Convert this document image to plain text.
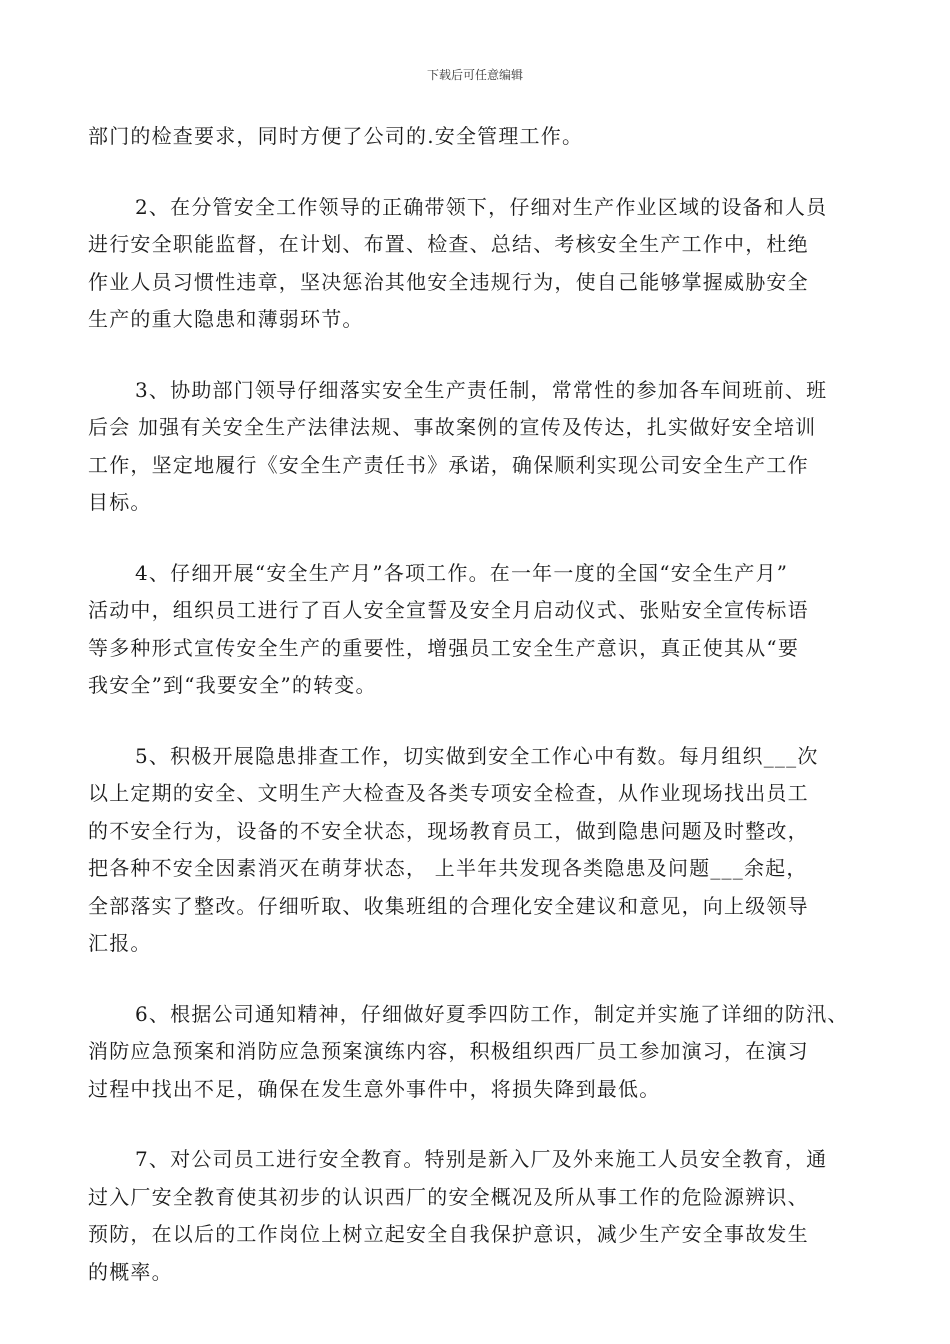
下载后可任意编辑
部门的检查要求，同时方便了公司的.安全管理工作。
2、在分管安全工作领导的正确带领下，仔细对生产作业区域的设备和人员
进行安全职能监督，在计划、布置、检查、总结、考核安全生产工作中，杜绝
作业人员习惯性违章，坚决惩治其他安全违规行为，使自己能够掌握威胁安全
生产的重大隐患和薄弱环节。
3、协助部门领导仔细落实安全生产责任制，常常性的参加各车间班前、班
后会 加强有关安全生产法律法规、事故案例的宣传及传达，扎实做好安全培训
工作，坚定地履行《安全生产责任书》承诺，确保顺利实现公司安全生产工作
目标。
4、仔细开展“安全生产月”各项工作。在一年一度的全国“安全生产月”
活动中，组织员工进行了百人安全宣誓及安全月启动仪式、张贴安全宣传标语
等多种形式宣传安全生产的重要性，增强员工安全生产意识，真正使其从“要
我安全”到“我要安全”的转变。
5、积极开展隐患排查工作，切实做到安全工作心中有数。每月组织___次
以上定期的安全、文明生产大检查及各类专项安全检查，从作业现场找出员工
的不安全行为，设备的不安全状态，现场教育员工，做到隐患问题及时整改，
把各种不安全因素消灭在萌芽状态， 上半年共发现各类隐患及问题___余起，
全部落实了整改。仔细听取、收集班组的合理化安全建议和意见，向上级领导
汇报。
6、根据公司通知精神，仔细做好夏季四防工作，制定并实施了详细的防汛、
消防应急预案和消防应急预案演练内容，积极组织西厂员工参加演习，在演习
过程中找出不足，确保在发生意外事件中，将损失降到最低。
7、对公司员工进行安全教育。特别是新入厂及外来施工人员安全教育，通
过入厂安全教育使其初步的认识西厂的安全概况及所从事工作的危险源辨识、
预防，在以后的工作岗位上树立起安全自我保护意识，减少生产安全事故发生
的概率。
